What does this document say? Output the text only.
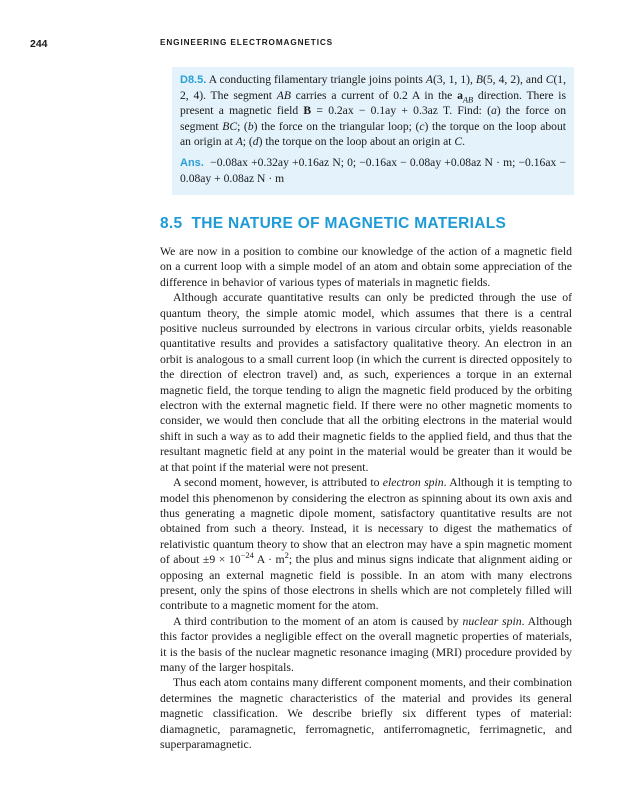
244	ENGINEERING ELECTROMAGNETICS

D8.5. A conducting filamentary triangle joins points A(3, 1, 1), B(5, 4, 2), and C(1, 2, 4). The segment AB carries a current of 0.2 A in the $a_{AB}$ direction. There is present a magnetic field B = 0.2ax − 0.1ay + 0.3az T. Find: (a) the force on segment BC; (b) the force on the triangular loop; (c) the torque on the loop about an origin at A; (d) the torque on the loop about an origin at C.

Ans. −0.08ax +0.32ay +0.16az N; 0; −0.16ax − 0.08ay +0.08az N · m; −0.16ax − 0.08ay + 0.08az N · m

8.5 THE NATURE OF MAGNETIC MATERIALS

We are now in a position to combine our knowledge of the action of a magnetic field on a current loop with a simple model of an atom and obtain some appreciation of the difference in behavior of various types of materials in magnetic fields.

Although accurate quantitative results can only be predicted through the use of quantum theory, the simple atomic model, which assumes that there is a central positive nucleus surrounded by electrons in various circular orbits, yields reasonable quantitative results and provides a satisfactory qualitative theory. An electron in an orbit is analogous to a small current loop (in which the current is directed oppositely to the direction of electron travel) and, as such, experiences a torque in an external magnetic field, the torque tending to align the magnetic field produced by the orbiting electron with the external magnetic field. If there were no other magnetic moments to consider, we would then conclude that all the orbiting electrons in the material would shift in such a way as to add their magnetic fields to the applied field, and thus that the resultant magnetic field at any point in the material would be greater than it would be at that point if the material were not present.

A second moment, however, is attributed to electron spin. Although it is tempting to model this phenomenon by considering the electron as spinning about its own axis and thus generating a magnetic dipole moment, satisfactory quantitative results are not obtained from such a theory. Instead, it is necessary to digest the mathematics of relativistic quantum theory to show that an electron may have a spin magnetic moment of about $\pm 9 \times 10^{-24}$ $A \cdot m^2$; the plus and minus signs indicate that alignment aiding or opposing an external magnetic field is possible. In an atom with many electrons present, only the spins of those electrons in shells which are not completely filled will contribute to a magnetic moment for the atom.

A third contribution to the moment of an atom is caused by nuclear spin. Although this factor provides a negligible effect on the overall magnetic properties of materials, it is the basis of the nuclear magnetic resonance imaging (MRI) procedure provided by many of the larger hospitals.

Thus each atom contains many different component moments, and their combination determines the magnetic characteristics of the material and provides its general magnetic classification. We describe briefly six different types of material: diamagnetic, paramagnetic, ferromagnetic, antiferromagnetic, ferrimagnetic, and superparamagnetic.
